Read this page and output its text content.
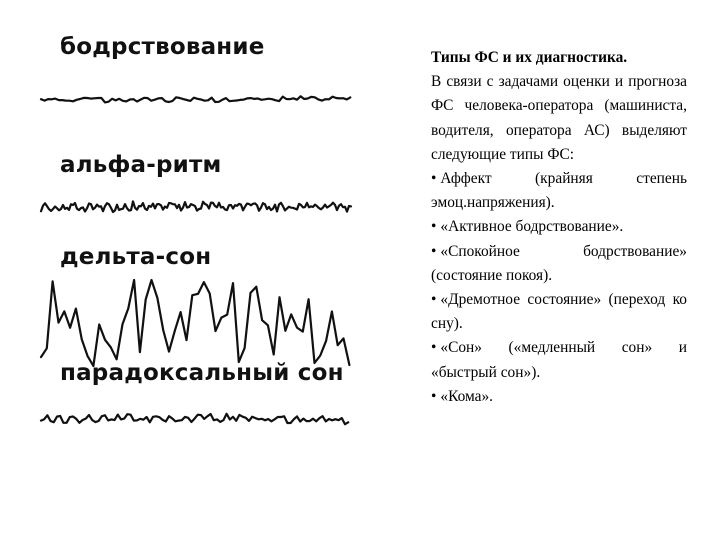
бодрствование
альфа-ритм
дельта-сон
парадоксальный сон
Типы ФС и их диагностика.
В связи с задачами оценки и прогноза ФС человека-оператора (машиниста, водителя, оператора АС) выделяют следующие типы ФС:
• Аффект (крайняя степень эмоц.напряжения).
• «Активное бодрствование».
• «Спокойное бодрствование» (состояние покоя).
• «Дремотное состояние» (переход ко сну).
• «Сон» («медленный сон» и «быстрый сон»).
• «Кома».
